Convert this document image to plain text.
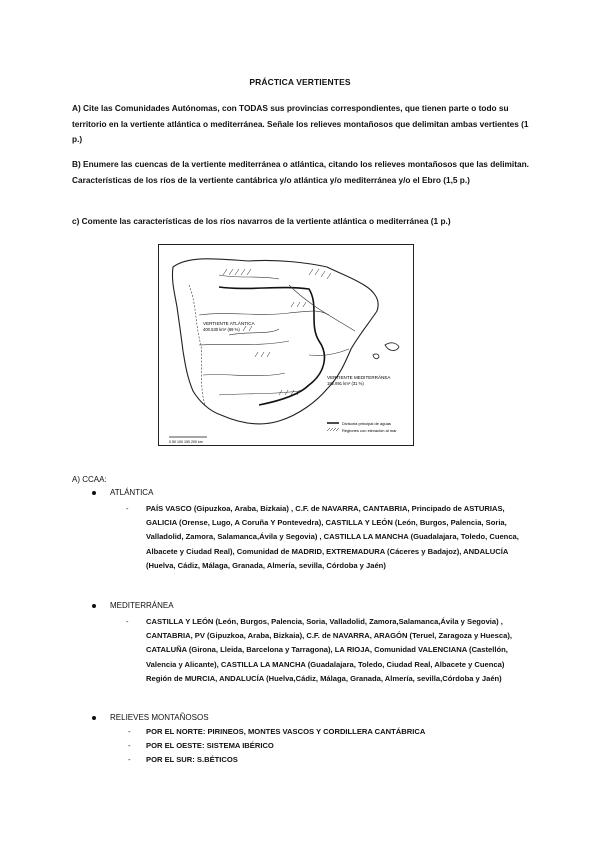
PRÁCTICA VERTIENTES
A) Cite las Comunidades Autónomas, con TODAS sus provincias correspondientes, que tienen parte o todo su territorio en la vertiente atlántica o mediterránea. Señale los relieves montañosos que delimitan ambas vertientes (1 p.)
B) Enumere las cuencas de la vertiente mediterránea o atlántica, citando los relieves montañosos que las delimitan. Características de los ríos de la vertiente cantábrica y/o atlántica y/o mediterránea y/o el Ebro (1,5 p.)
c) Comente las características de los ríos navarros de la vertiente atlántica o mediterránea (1 p.)
VERTIENTE ATLÁNTICA
400.530 km² (69 %)
VERTIENTE MEDITERRÁNEA
182.891 km² (31 %)
Divisoria principal de aguas
Regiones con elevación al mar
0 50 100 150 200 km
A) CCAA:
ATLÁNTICA
- PAÍS VASCO (Gipuzkoa, Araba, Bizkaia) , C.F. de NAVARRA, CANTABRIA, Principado de ASTURIAS, GALICIA (Orense, Lugo, A Coruña Y Pontevedra), CASTILLA Y LEÓN (León, Burgos, Palencia, Soria, Valladolid, Zamora, Salamanca,Ávila y Segovia) , CASTILLA LA MANCHA (Guadalajara, Toledo, Cuenca, Albacete y Ciudad Real), Comunidad de MADRID, EXTREMADURA (Cáceres y Badajoz), ANDALUCÍA (Huelva, Cádiz, Málaga, Granada, Almería, sevilla, Córdoba y Jaén)
MEDITERRÁNEA
- CASTILLA Y LEÓN (León, Burgos, Palencia, Soria, Valladolid, Zamora,Salamanca,Ávila y Segovia) , CANTABRIA, PV (Gipuzkoa, Araba, Bizkaia), C.F. de NAVARRA, ARAGÓN (Teruel, Zaragoza y Huesca), CATALUÑA (Girona, Lleida, Barcelona y Tarragona), LA RIOJA, Comunidad VALENCIANA (Castellón, Valencia y Alicante), CASTILLA LA MANCHA (Guadalajara, Toledo, Ciudad Real, Albacete y Cuenca) Región de MURCIA, ANDALUCÍA (Huelva,Cádiz, Málaga, Granada, Almería, sevilla,Córdoba y Jaén)
RELIEVES MONTAÑOSOS
- POR EL NORTE: PIRINEOS, MONTES VASCOS Y CORDILLERA CANTÁBRICA
- POR EL OESTE: SISTEMA IBÉRICO
- POR EL SUR: S.BÉTICOS
